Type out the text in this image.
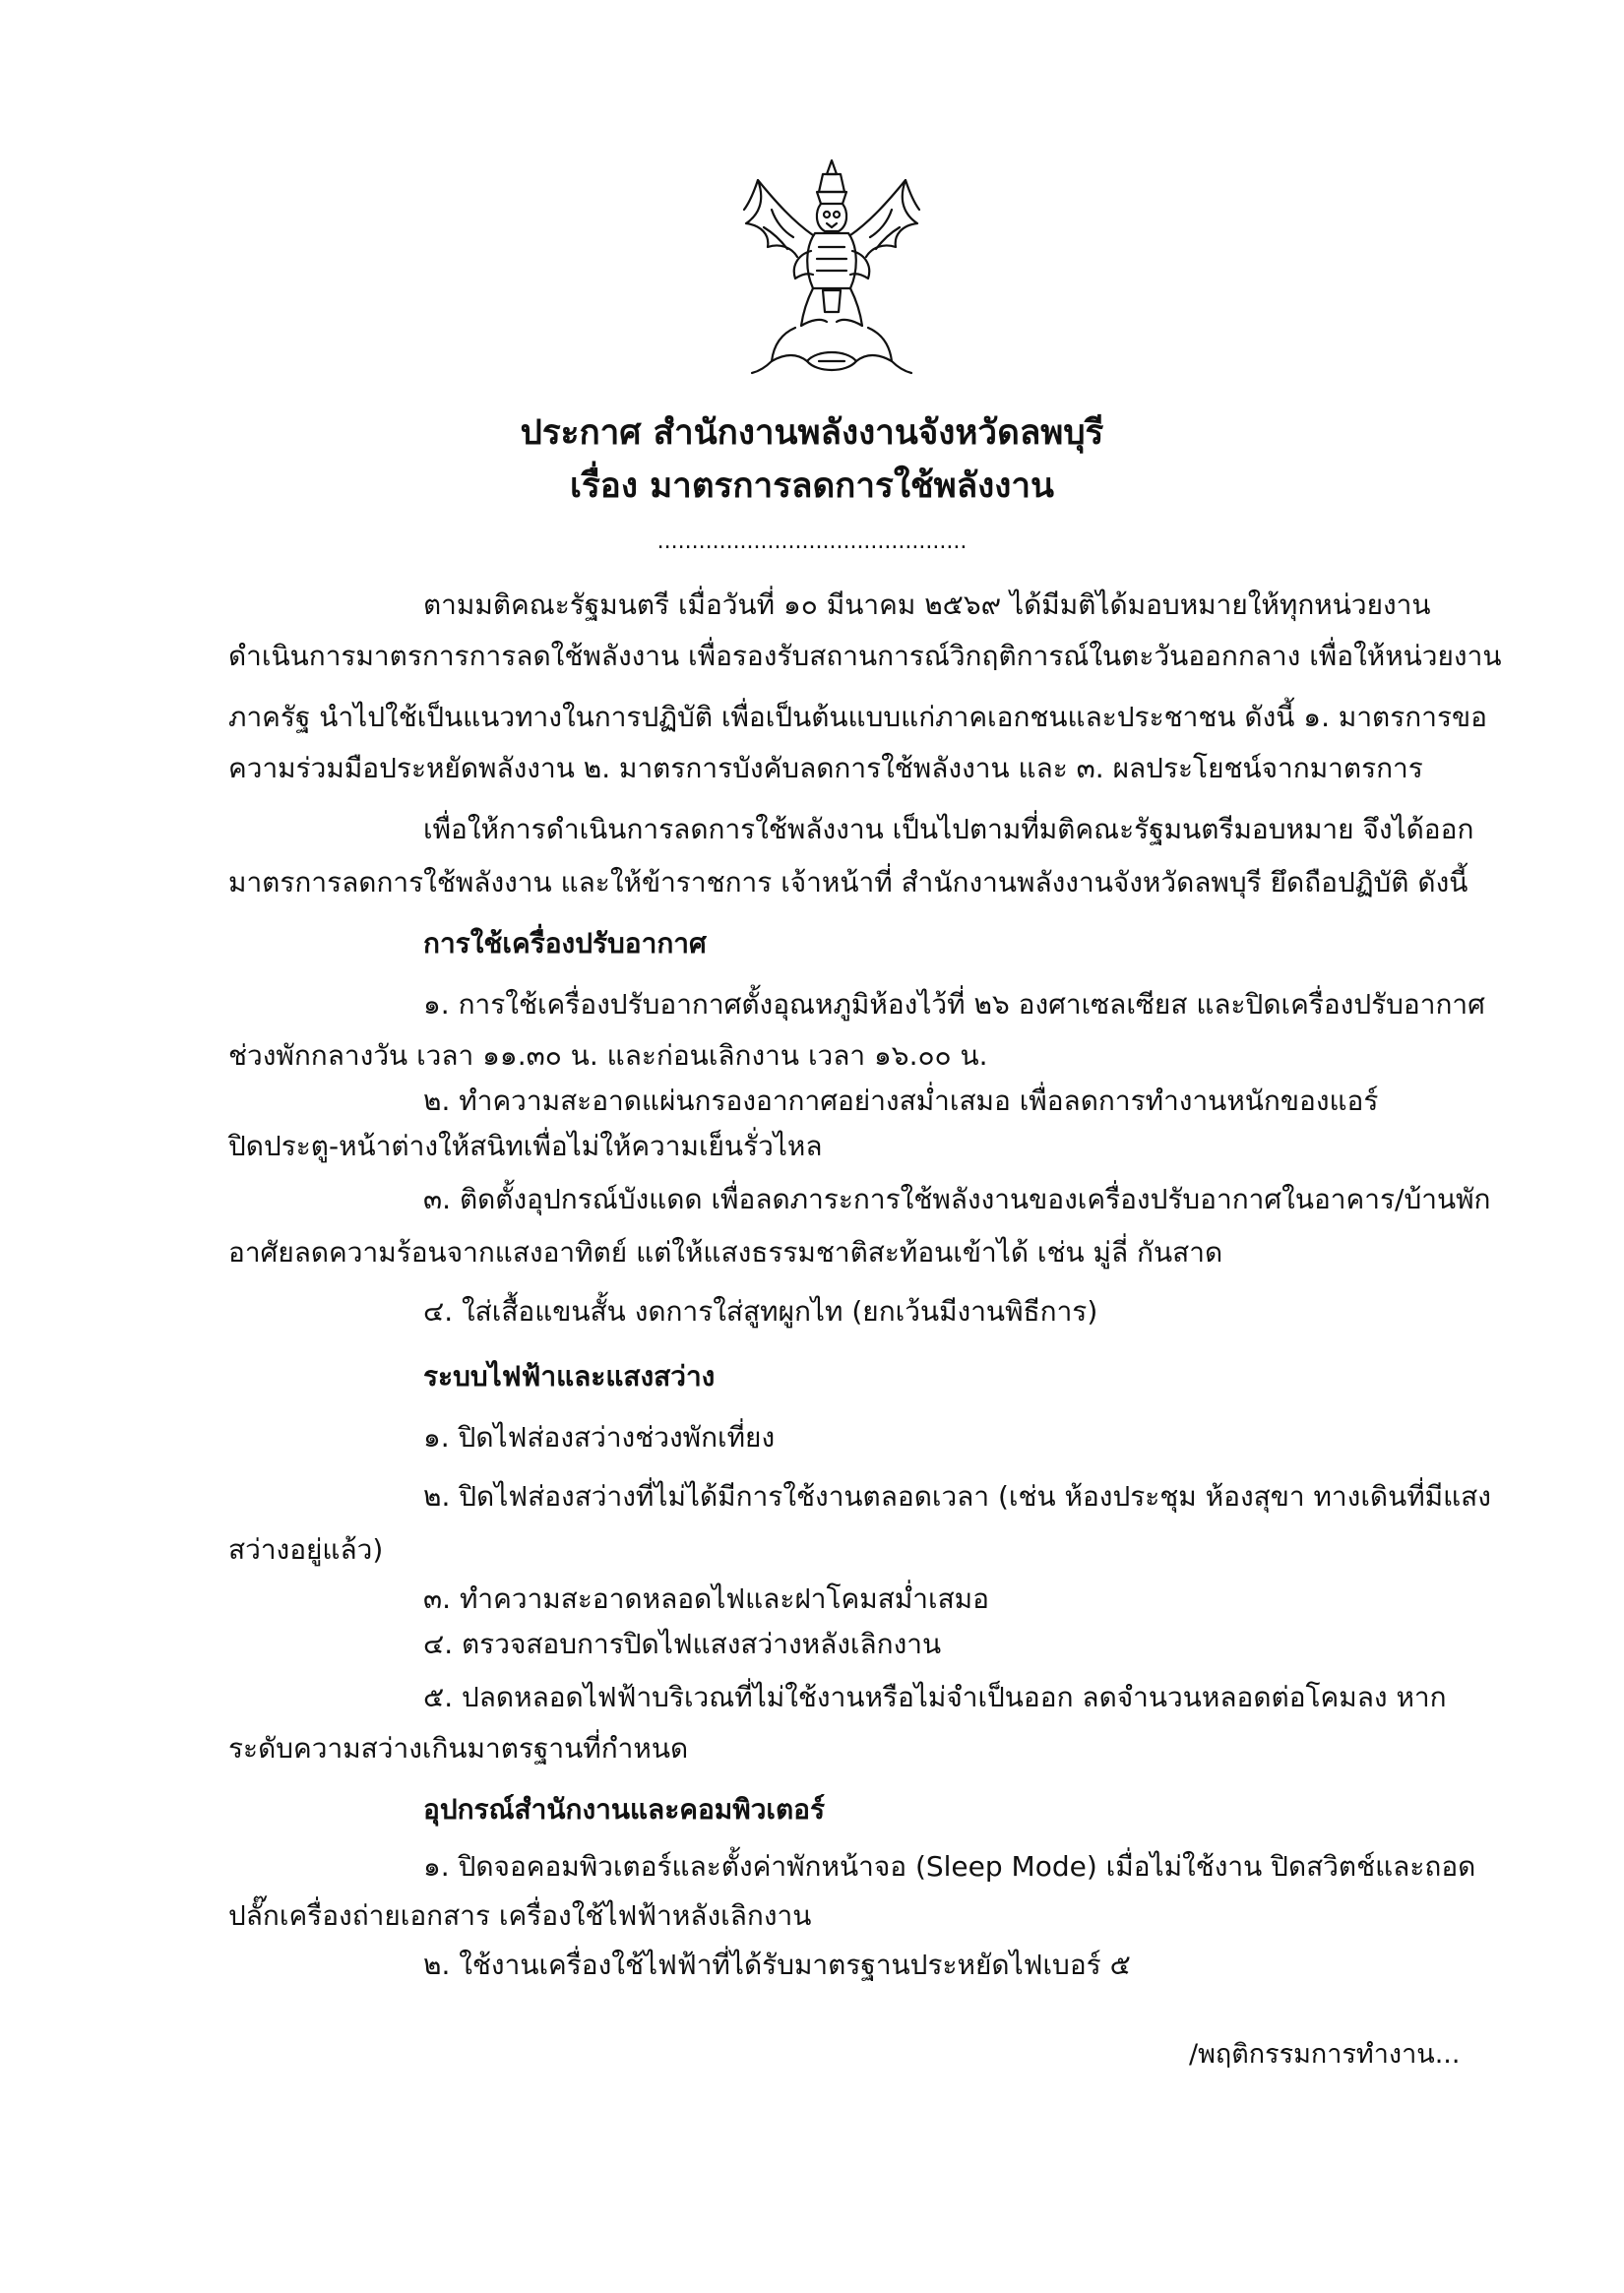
ประกาศ สำนักงานพลังงานจังหวัดลพบุรี
เรื่อง มาตรการลดการใช้พลังงาน
.............................................
ตามมติคณะรัฐมนตรี เมื่อวันที่ ๑๐ มีนาคม ๒๕๖๙ ได้มีมติได้มอบหมายให้ทุกหน่วยงาน
ดำเนินการมาตรการการลดใช้พลังงาน เพื่อรองรับสถานการณ์วิกฤติการณ์ในตะวันออกกลาง เพื่อให้หน่วยงาน
ภาครัฐ นำไปใช้เป็นแนวทางในการปฏิบัติ เพื่อเป็นต้นแบบแก่ภาคเอกชนและประชาชน ดังนี้ ๑. มาตรการขอ
ความร่วมมือประหยัดพลังงาน ๒. มาตรการบังคับลดการใช้พลังงาน และ ๓. ผลประโยชน์จากมาตรการ
เพื่อให้การดำเนินการลดการใช้พลังงาน เป็นไปตามที่มติคณะรัฐมนตรีมอบหมาย จึงได้ออก
มาตรการลดการใช้พลังงาน และให้ข้าราชการ เจ้าหน้าที่ สำนักงานพลังงานจังหวัดลพบุรี ยึดถือปฏิบัติ ดังนี้
การใช้เครื่องปรับอากาศ
๑. การใช้เครื่องปรับอากาศตั้งอุณหภูมิห้องไว้ที่ ๒๖ องศาเซลเซียส และปิดเครื่องปรับอากาศ
ช่วงพักกลางวัน เวลา ๑๑.๓๐ น. และก่อนเลิกงาน เวลา ๑๖.๐๐ น.
๒. ทำความสะอาดแผ่นกรองอากาศอย่างสม่ำเสมอ เพื่อลดการทำงานหนักของแอร์
ปิดประตู-หน้าต่างให้สนิทเพื่อไม่ให้ความเย็นรั่วไหล
๓. ติดตั้งอุปกรณ์บังแดด เพื่อลดภาระการใช้พลังงานของเครื่องปรับอากาศในอาคาร/บ้านพัก
อาศัยลดความร้อนจากแสงอาทิตย์ แต่ให้แสงธรรมชาติสะท้อนเข้าได้ เช่น มู่ลี่ กันสาด
๔. ใส่เสื้อแขนสั้น งดการใส่สูทผูกไท (ยกเว้นมีงานพิธีการ)
ระบบไฟฟ้าและแสงสว่าง
๑. ปิดไฟส่องสว่างช่วงพักเที่ยง
๒. ปิดไฟส่องสว่างที่ไม่ได้มีการใช้งานตลอดเวลา (เช่น ห้องประชุม ห้องสุขา ทางเดินที่มีแสง
สว่างอยู่แล้ว)
๓. ทำความสะอาดหลอดไฟและฝาโคมสม่ำเสมอ
๔. ตรวจสอบการปิดไฟแสงสว่างหลังเลิกงาน
๕. ปลดหลอดไฟฟ้าบริเวณที่ไม่ใช้งานหรือไม่จำเป็นออก ลดจำนวนหลอดต่อโคมลง หาก
ระดับความสว่างเกินมาตรฐานที่กำหนด
อุปกรณ์สำนักงานและคอมพิวเตอร์
๑. ปิดจอคอมพิวเตอร์และตั้งค่าพักหน้าจอ (Sleep Mode) เมื่อไม่ใช้งาน ปิดสวิตช์และถอด
ปลั๊กเครื่องถ่ายเอกสาร เครื่องใช้ไฟฟ้าหลังเลิกงาน
๒. ใช้งานเครื่องใช้ไฟฟ้าที่ได้รับมาตรฐานประหยัดไฟเบอร์ ๕
/พฤติกรรมการทำงาน...
